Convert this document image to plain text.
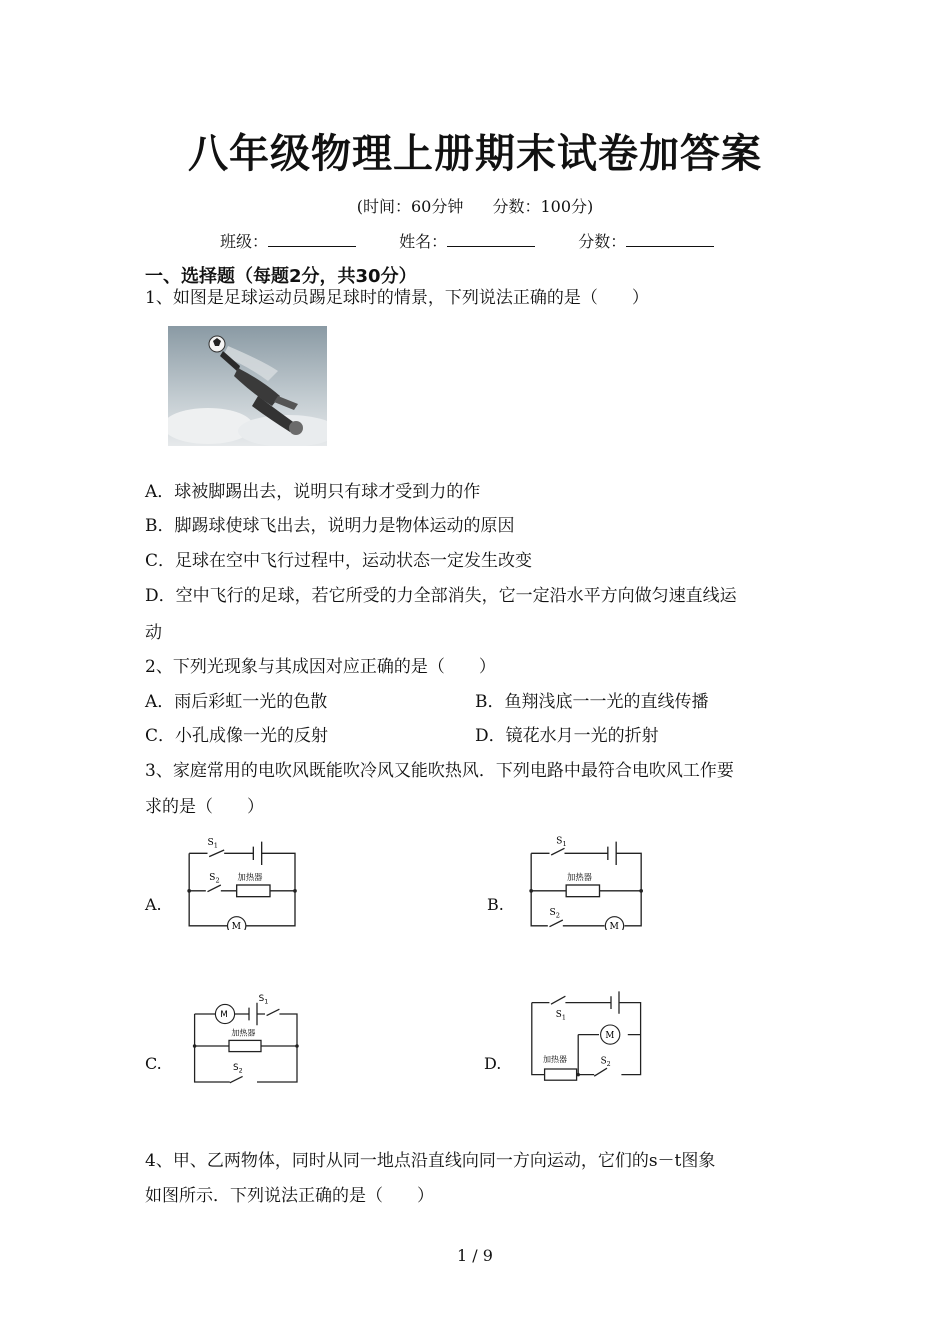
八年级物理上册期末试卷加答案
(时间：60分钟 分数：100分)
班级：	姓名：	分数：
一、选择题（每题2分，共30分）
1、如图是足球运动员踢足球时的情景，下列说法正确的是（　　）
A．球被脚踢出去，说明只有球才受到力的作
B．脚踢球使球飞出去，说明力是物体运动的原因
C．足球在空中飞行过程中，运动状态一定发生改变
D．空中飞行的足球，若它所受的力全部消失，它一定沿水平方向做匀速直线运
动
2、下列光现象与其成因对应正确的是（　　）
A．雨后彩虹一光的色散	B．鱼翔浅底一一光的直线传播
C．小孔成像一光的反射	D．镜花水月一光的折射
3、家庭常用的电吹风既能吹冷风又能吹热风．下列电路中最符合电吹风工作要
求的是（　　）
A.
$S_1$
$S_2$ 加热器
M
B.
$S_1$
$S_2$
加热器
M
C.
M
$S_1$
加热器
$S_2$	D.
$S_1$
M
$S_2$
加热器
4、甲、乙两物体，同时从同一地点沿直线向同一方向运动，它们的s－t图象
如图所示．下列说法正确的是（　　）
1 / 9
